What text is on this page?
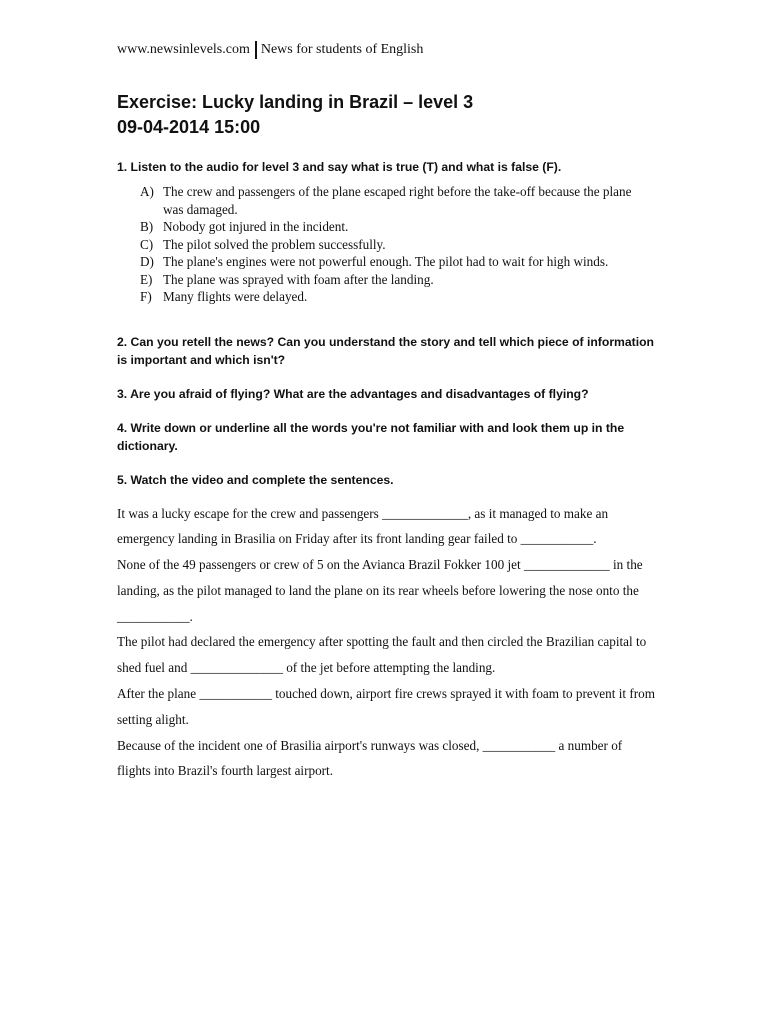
www.newsinlevels.com News for students of English
Exercise: Lucky landing in Brazil – level 3
09-04-2014 15:00
1. Listen to the audio for level 3 and say what is true (T) and what is false (F).
A) The crew and passengers of the plane escaped right before the take-off because the plane was damaged.
B) Nobody got injured in the incident.
C) The pilot solved the problem successfully.
D) The plane's engines were not powerful enough. The pilot had to wait for high winds.
E) The plane was sprayed with foam after the landing.
F) Many flights were delayed.
2. Can you retell the news? Can you understand the story and tell which piece of information is important and which isn't?
3. Are you afraid of flying? What are the advantages and disadvantages of flying?
4. Write down or underline all the words you're not familiar with and look them up in the dictionary.
5. Watch the video and complete the sentences.

It was a lucky escape for the crew and passengers _____________, as it managed to make an emergency landing in Brasilia on Friday after its front landing gear failed to ___________.

None of the 49 passengers or crew of 5 on the Avianca Brazil Fokker 100 jet _____________ in the landing, as the pilot managed to land the plane on its rear wheels before lowering the nose onto the ___________.

The pilot had declared the emergency after spotting the fault and then circled the Brazilian capital to shed fuel and ______________ of the jet before attempting the landing.

After the plane ___________ touched down, airport fire crews sprayed it with foam to prevent it from setting alight.

Because of the incident one of Brasilia airport's runways was closed, ___________ a number of flights into Brazil's fourth largest airport.
